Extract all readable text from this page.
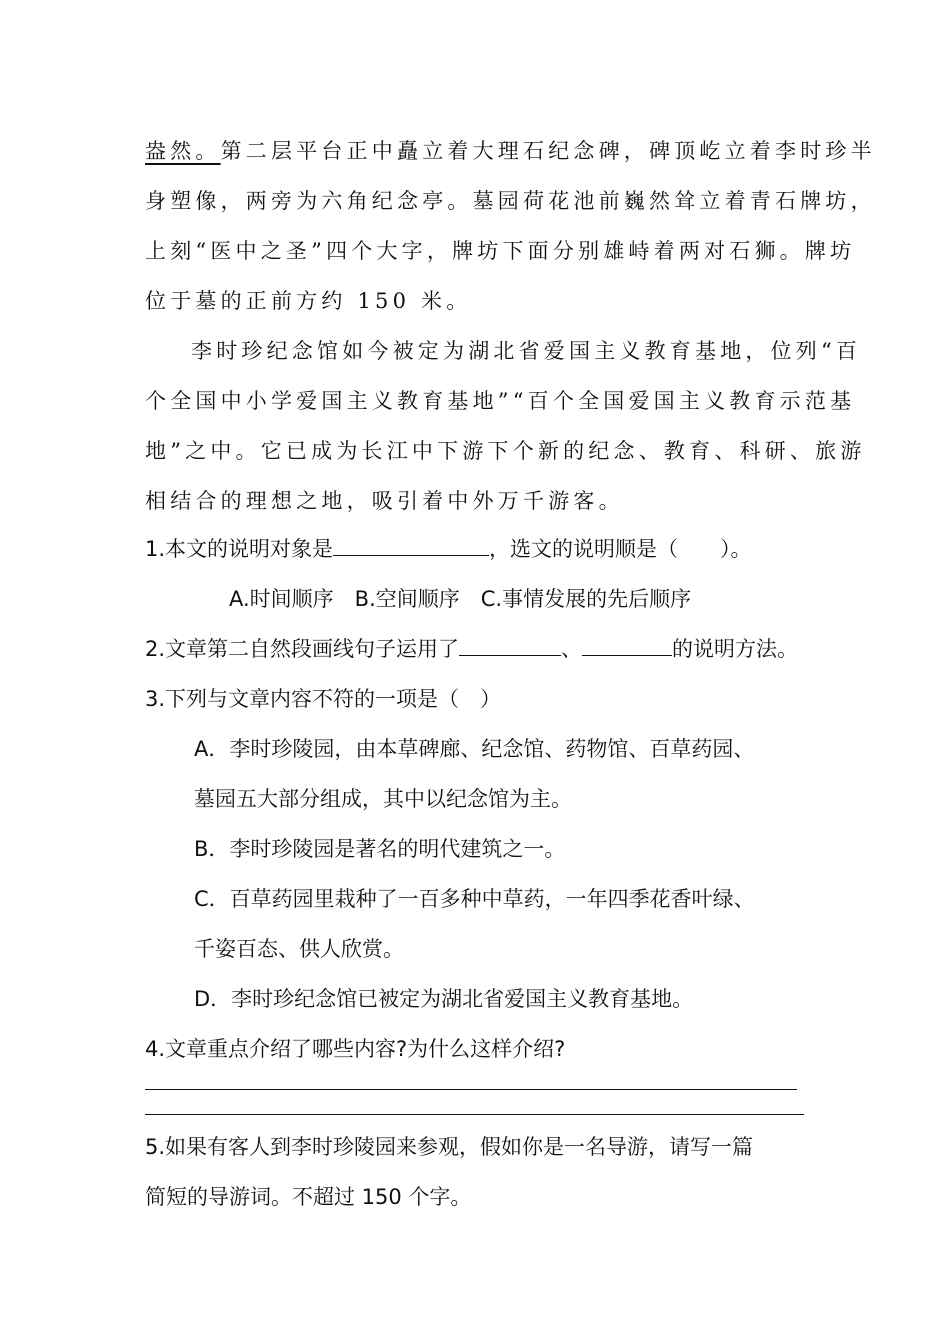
盎然。第二层平台正中矗立着大理石纪念碑，碑顶屹立着李时珍半
身塑像，两旁为六角纪念亭。墓园荷花池前巍然耸立着青石牌坊，
上刻“医中之圣”四个大字，牌坊下面分别雄峙着两对石狮。牌坊
位于墓的正前方约 150 米。
李时珍纪念馆如今被定为湖北省爱国主义教育基地，位列“百
个全国中小学爱国主义教育基地”“百个全国爱国主义教育示范基
地”之中。它已成为长江中下游下个新的纪念、教育、科研、旅游
相结合的理想之地，吸引着中外万千游客。
1.本文的说明对象是	，选文的说明顺是（　　）。
A.时间顺序　B.空间顺序　C.事情发展的先后顺序
2.文章第二自然段画线句子运用了	、	的说明方法。
3.下列与文章内容不符的一项是（　）
A．李时珍陵园，由本草碑廊、纪念馆、药物馆、百草药园、
墓园五大部分组成，其中以纪念馆为主。
B．李时珍陵园是著名的明代建筑之一。
C．百草药园里栽种了一百多种中草药，一年四季花香叶绿、
千姿百态、供人欣赏。
D．李时珍纪念馆已被定为湖北省爱国主义教育基地。
4.文章重点介绍了哪些内容?为什么这样介绍?
5.如果有客人到李时珍陵园来参观，假如你是一名导游，请写一篇
简短的导游词。不超过 150 个字。
